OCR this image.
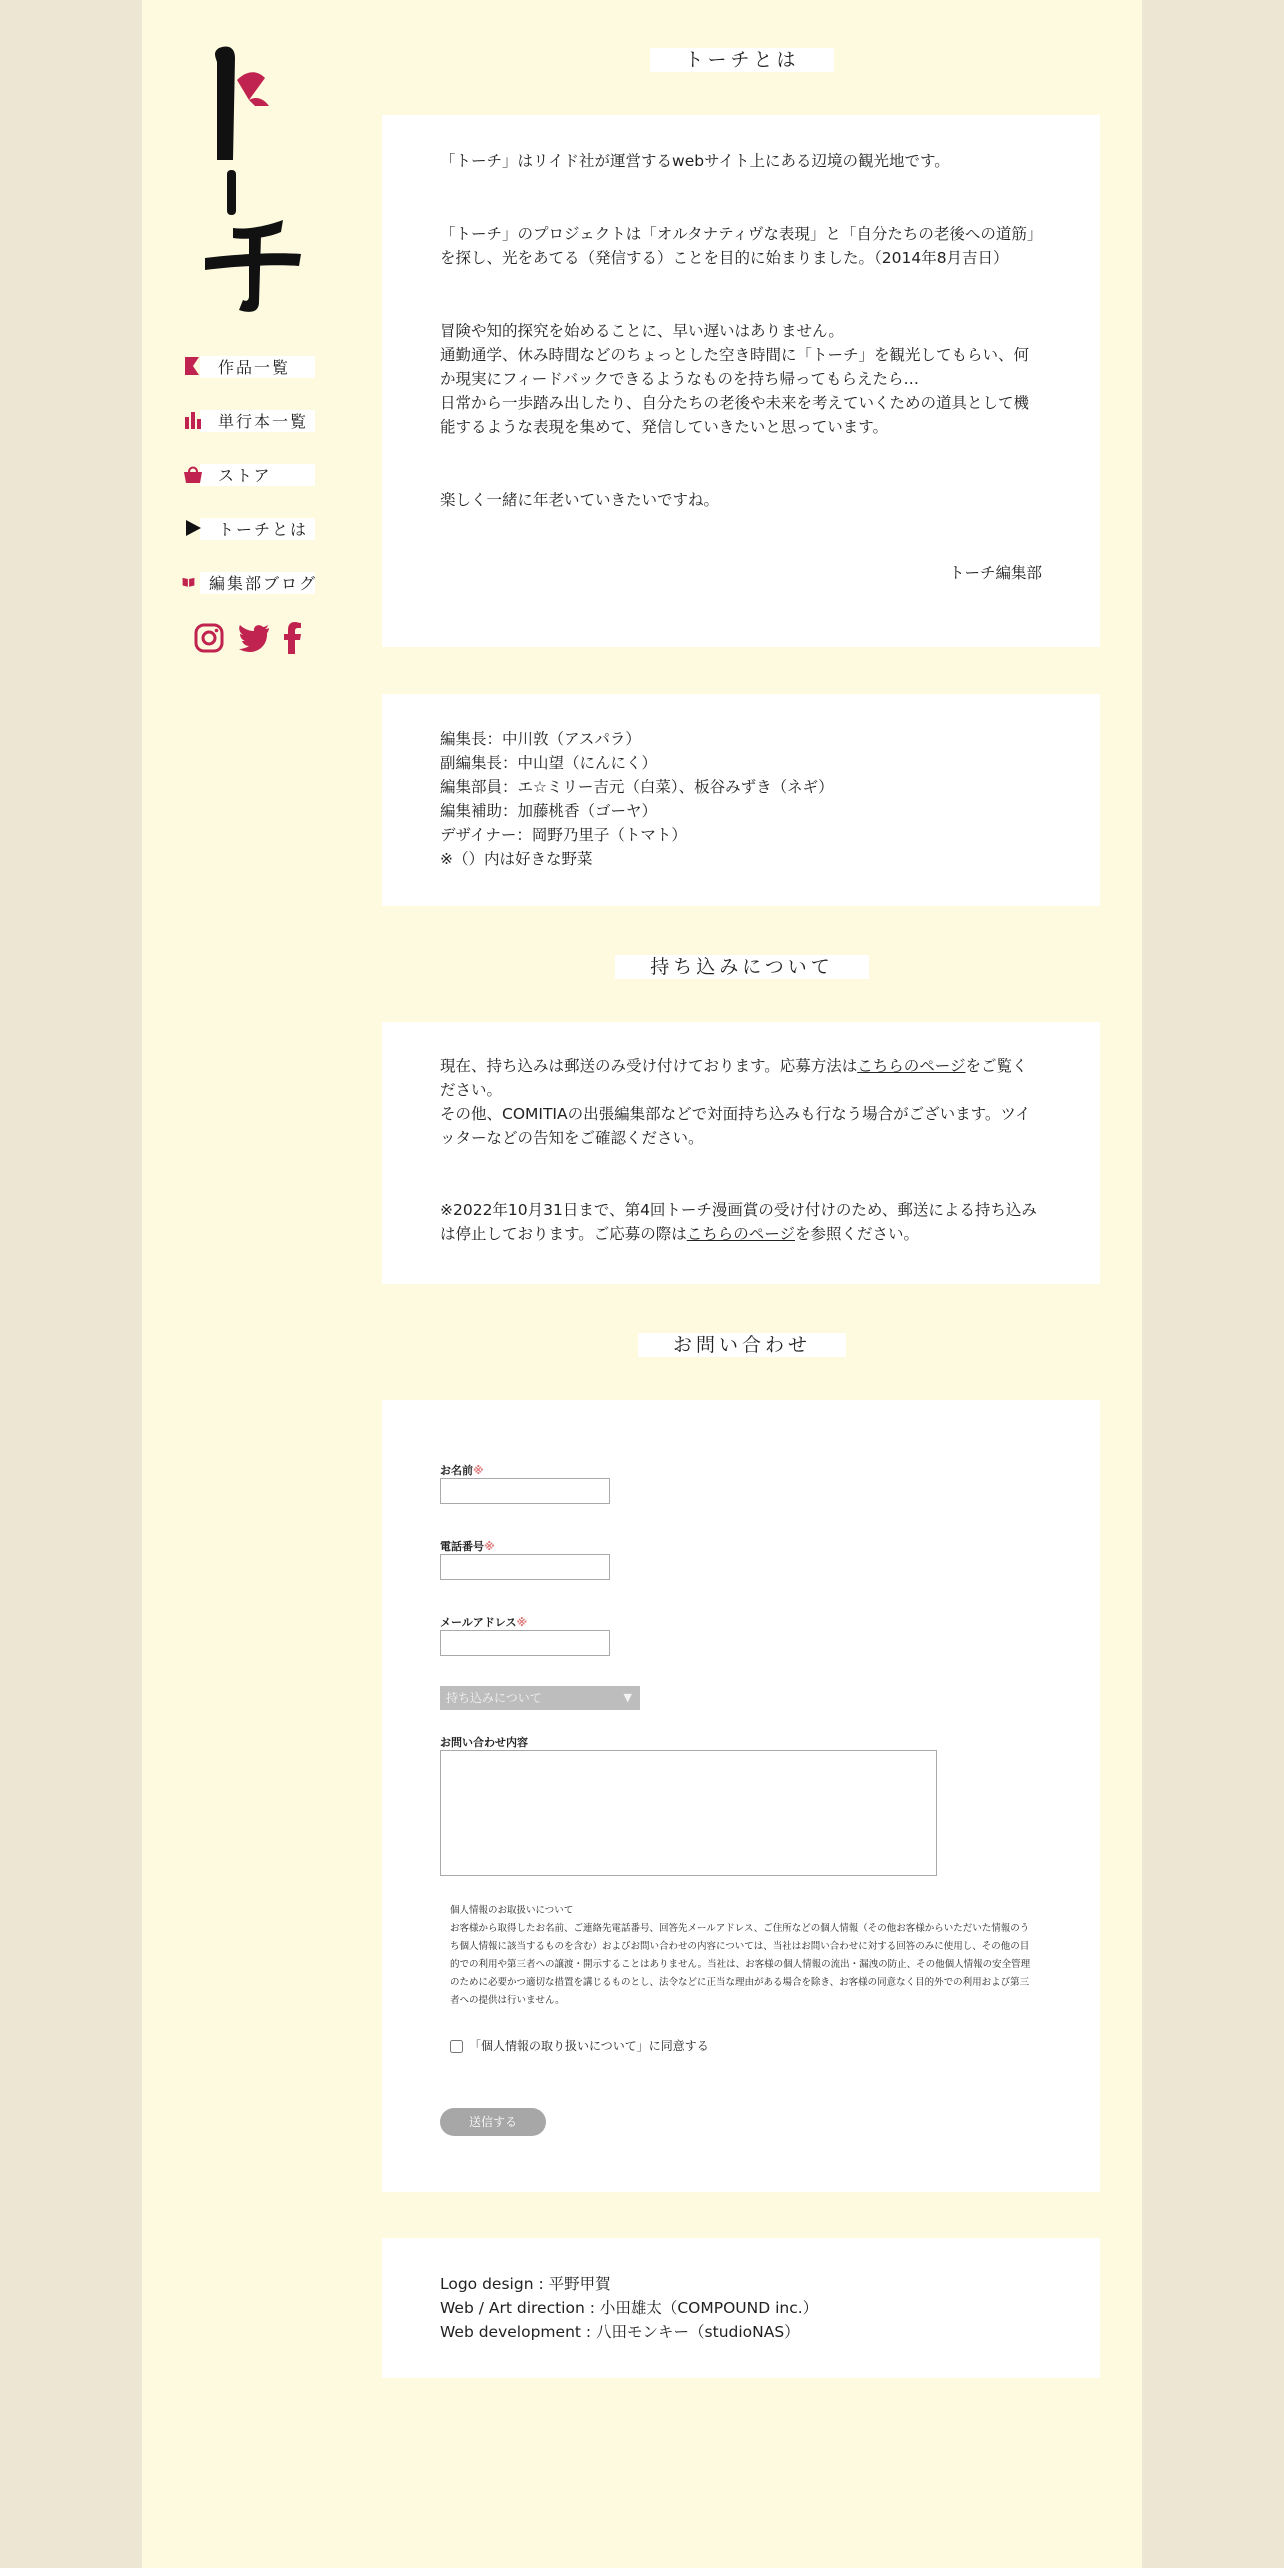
作品一覧
単行本一覧
ストア
トーチとは
編集部ブログ
トーチとは

「トーチ」はリイド社が運営するwebサイト上にある辺境の観光地です。

「トーチ」のプロジェクトは「オルタナティヴな表現」と「自分たちの老後への道筋」を探し、光をあてる（発信する）ことを目的に始まりました。（2014年8月吉日）

冒険や知的探究を始めることに、早い遅いはありません。

通勤通学、休み時間などのちょっとした空き時間に「トーチ」を観光してもらい、何か現実にフィードバックできるようなものを持ち帰ってもらえたら…

日常から一歩踏み出したり、自分たちの老後や未来を考えていくための道具として機能するような表現を集めて、発信していきたいと思っています。

楽しく一緒に年老いていきたいですね。

トーチ編集部

編集長：中川敦（アスパラ）

副編集長：中山望（にんにく）

編集部員：エ☆ミリー吉元（白菜）、板谷みずき（ネギ）

編集補助：加藤桃香（ゴーヤ）

デザイナー：岡野乃里子（トマト）

※（）内は好きな野菜

持ち込みについて

現在、持ち込みは郵送のみ受け付けております。応募方法はこちらのページをご覧ください。

その他、COMITIAの出張編集部などで対面持ち込みも行なう場合がございます。ツイッターなどの告知をご確認ください。

※2022年10月31日まで、第4回トーチ漫画賞の受け付けのため、郵送による持ち込みは停止しております。ご応募の際はこちらのページを参照ください。

お問い合わせ

お名前※

電話番号※

メールアドレス※

持ち込みについて	▼

お問い合わせ内容

個人情報のお取扱いについて
お客様から取得したお名前、ご連絡先電話番号、回答先メールアドレス、ご住所などの個人情報（その他お客様からいただいた情報のうち個人情報に該当するものを含む）およびお問い合わせの内容については、当社はお問い合わせに対する回答のみに使用し、その他の目的での利用や第三者への譲渡・開示することはありません。当社は、お客様の個人情報の流出・漏洩の防止、その他個人情報の安全管理のために必要かつ適切な措置を講じるものとし、法令などに正当な理由がある場合を除き、お客様の同意なく目的外での利用および第三者への提供は行いません。
「個人情報の取り扱いについて」に同意する
送信する

Logo design : 平野甲賀

Web / Art direction : 小田雄太（COMPOUND inc.）

Web development : 八田モンキー（studioNAS）
